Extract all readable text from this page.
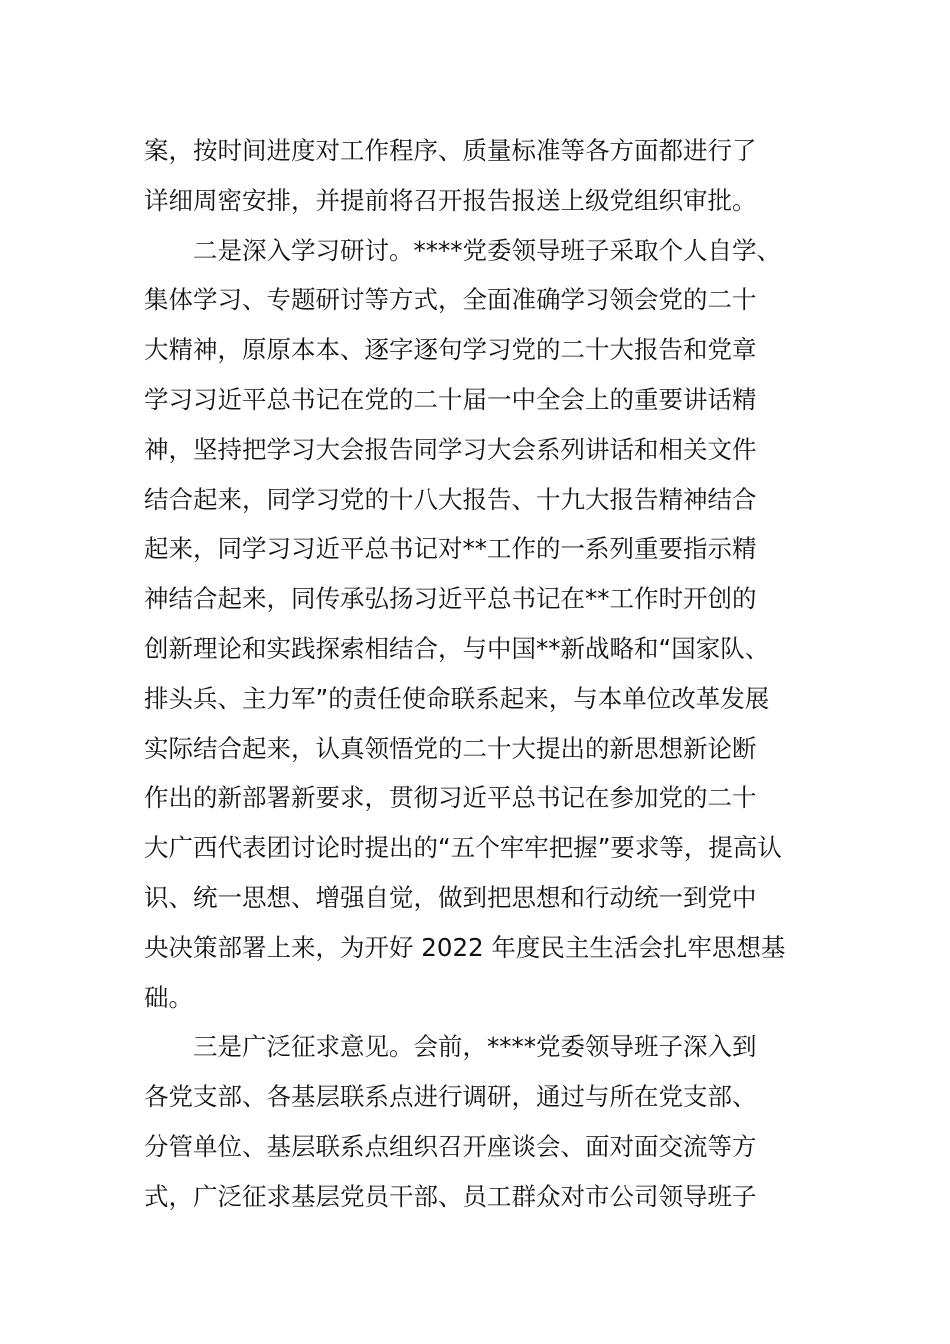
案，按时间进度对工作程序、质量标准等各方面都进行了
详细周密安排，并提前将召开报告报送上级党组织审批。
二是深入学习研讨。****党委领导班子采取个人自学、
集体学习、专题研讨等方式，全面准确学习领会党的二十
大精神，原原本本、逐字逐句学习党的二十大报告和党章
学习习近平总书记在党的二十届一中全会上的重要讲话精
神，坚持把学习大会报告同学习大会系列讲话和相关文件
结合起来，同学习党的十八大报告、十九大报告精神结合
起来，同学习习近平总书记对**工作的一系列重要指示精
神结合起来，同传承弘扬习近平总书记在**工作时开创的
创新理论和实践探索相结合，与中国**新战略和“国家队、
排头兵、主力军”的责任使命联系起来，与本单位改革发展
实际结合起来，认真领悟党的二十大提出的新思想新论断
作出的新部署新要求，贯彻习近平总书记在参加党的二十
大广西代表团讨论时提出的“五个牢牢把握”要求等，提高认
识、统一思想、增强自觉，做到把思想和行动统一到党中
央决策部署上来，为开好 2022 年度民主生活会扎牢思想基
础。
三是广泛征求意见。会前，****党委领导班子深入到
各党支部、各基层联系点进行调研，通过与所在党支部、
分管单位、基层联系点组织召开座谈会、面对面交流等方
式，广泛征求基层党员干部、员工群众对市公司领导班子
